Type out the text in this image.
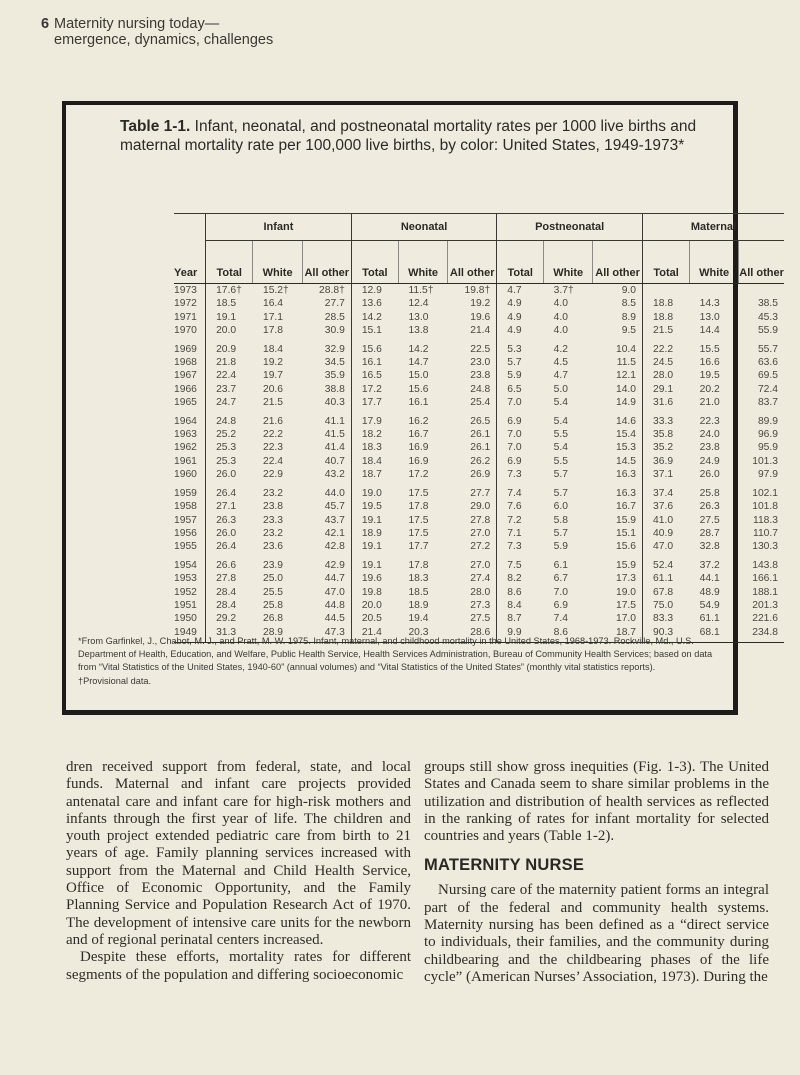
6 Maternity nursing today—
emergence, dynamics, challenges
Table 1-1. Infant, neonatal, and postneonatal mortality rates per 1000 live births and maternal mortality rate per 100,000 live births, by color: United States, 1949-1973*
Year	Infant			Neonatal			Postneonatal			Maternal		
	Total	White	All other	Total	White	All other	Total	White	All other	Total	White	All other
1973	17.6†	15.2†	28.8†	12.9	11.5†	19.8†	4.7	3.7†	9.0			
1972	18.5	16.4	27.7	13.6	12.4	19.2	4.9	4.0	8.5	18.8	14.3	38.5
1971	19.1	17.1	28.5	14.2	13.0	19.6	4.9	4.0	8.9	18.8	13.0	45.3
1970	20.0	17.8	30.9	15.1	13.8	21.4	4.9	4.0	9.5	21.5	14.4	55.9
1969	20.9	18.4	32.9	15.6	14.2	22.5	5.3	4.2	10.4	22.2	15.5	55.7
1968	21.8	19.2	34.5	16.1	14.7	23.0	5.7	4.5	11.5	24.5	16.6	63.6
1967	22.4	19.7	35.9	16.5	15.0	23.8	5.9	4.7	12.1	28.0	19.5	69.5
1966	23.7	20.6	38.8	17.2	15.6	24.8	6.5	5.0	14.0	29.1	20.2	72.4
1965	24.7	21.5	40.3	17.7	16.1	25.4	7.0	5.4	14.9	31.6	21.0	83.7
1964	24.8	21.6	41.1	17.9	16.2	26.5	6.9	5.4	14.6	33.3	22.3	89.9
1963	25.2	22.2	41.5	18.2	16.7	26.1	7.0	5.5	15.4	35.8	24.0	96.9
1962	25.3	22.3	41.4	18.3	16.9	26.1	7.0	5.4	15.3	35.2	23.8	95.9
1961	25.3	22.4	40.7	18.4	16.9	26.2	6.9	5.5	14.5	36.9	24.9	101.3
1960	26.0	22.9	43.2	18.7	17.2	26.9	7.3	5.7	16.3	37.1	26.0	97.9
1959	26.4	23.2	44.0	19.0	17.5	27.7	7.4	5.7	16.3	37.4	25.8	102.1
1958	27.1	23.8	45.7	19.5	17.8	29.0	7.6	6.0	16.7	37.6	26.3	101.8
1957	26.3	23.3	43.7	19.1	17.5	27.8	7.2	5.8	15.9	41.0	27.5	118.3
1956	26.0	23.2	42.1	18.9	17.5	27.0	7.1	5.7	15.1	40.9	28.7	110.7
1955	26.4	23.6	42.8	19.1	17.7	27.2	7.3	5.9	15.6	47.0	32.8	130.3
1954	26.6	23.9	42.9	19.1	17.8	27.0	7.5	6.1	15.9	52.4	37.2	143.8
1953	27.8	25.0	44.7	19.6	18.3	27.4	8.2	6.7	17.3	61.1	44.1	166.1
1952	28.4	25.5	47.0	19.8	18.5	28.0	8.6	7.0	19.0	67.8	48.9	188.1
1951	28.4	25.8	44.8	20.0	18.9	27.3	8.4	6.9	17.5	75.0	54.9	201.3
1950	29.2	26.8	44.5	20.5	19.4	27.5	8.7	7.4	17.0	83.3	61.1	221.6
1949	31.3	28.9	47.3	21.4	20.3	28.6	9.9	8.6	18.7	90.3	68.1	234.8
*From Garfinkel, J., Chabot, M. J., and Pratt, M. W. 1975. Infant, maternal, and childhood mortality in the United States, 1968-1973. Rockville, Md., U.S. Department of Health, Education, and Welfare, Public Health Service, Health Services Administration, Bureau of Community Health Services; based on data from “Vital Statistics of the United States, 1940-60” (annual volumes) and “Vital Statistics of the United States” (monthly vital statistics reports).
†Provisional data.

dren received support from federal, state, and local funds. Maternal and infant care projects provided antenatal care and infant care for high-risk mothers and infants through the first year of life. The children and youth project extended pediatric care from birth to 21 years of age. Family planning services increased with support from the Maternal and Child Health Service, Office of Economic Opportunity, and the Family Planning Service and Population Research Act of 1970. The development of intensive care units for the newborn and of regional perinatal centers increased.

Despite these efforts, mortality rates for different segments of the population and differing socioeconomic

groups still show gross inequities (Fig. 1-3). The United States and Canada seem to share similar problems in the utilization and distribution of health services as reflected in the ranking of rates for infant mortality for selected countries and years (Table 1-2).

MATERNITY NURSE

Nursing care of the maternity patient forms an integral part of the federal and community health systems. Maternity nursing has been defined as a “direct service to individuals, their families, and the community during childbearing and the childbearing phases of the life cycle” (American Nurses’ Association, 1973). During the
